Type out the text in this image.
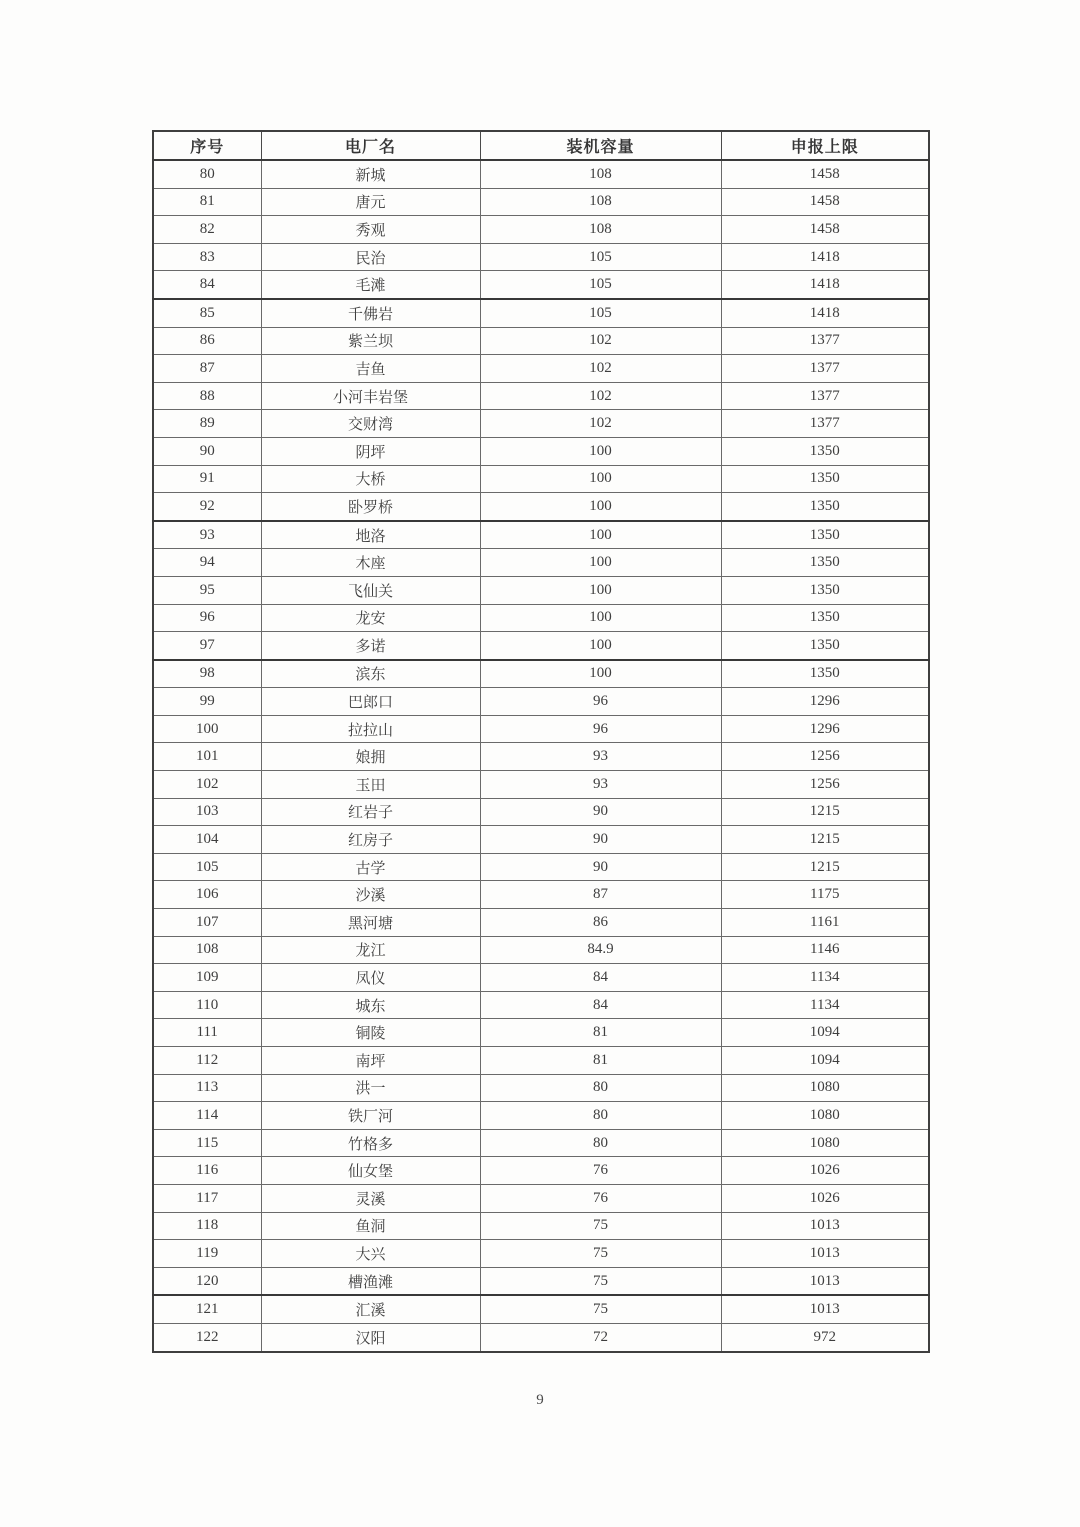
序号	电厂名	装机容量	申报上限
80	新城	108	1458
81	唐元	108	1458
82	秀观	108	1458
83	民治	105	1418
84	毛滩	105	1418
85	千佛岩	105	1418
86	紫兰坝	102	1377
87	吉鱼	102	1377
88	小河丰岩堡	102	1377
89	交财湾	102	1377
90	阴坪	100	1350
91	大桥	100	1350
92	卧罗桥	100	1350
93	地洛	100	1350
94	木座	100	1350
95	飞仙关	100	1350
96	龙安	100	1350
97	多诺	100	1350
98	滨东	100	1350
99	巴郎口	96	1296
100	拉拉山	96	1296
101	娘拥	93	1256
102	玉田	93	1256
103	红岩子	90	1215
104	红房子	90	1215
105	古学	90	1215
106	沙溪	87	1175
107	黑河塘	86	1161
108	龙江	84.9	1146
109	凤仪	84	1134
110	城东	84	1134
111	铜陵	81	1094
112	南坪	81	1094
113	洪一	80	1080
114	铁厂河	80	1080
115	竹格多	80	1080
116	仙女堡	76	1026
117	灵溪	76	1026
118	鱼洞	75	1013
119	大兴	75	1013
120	槽渔滩	75	1013
121	汇溪	75	1013
122	汉阳	72	972
9
